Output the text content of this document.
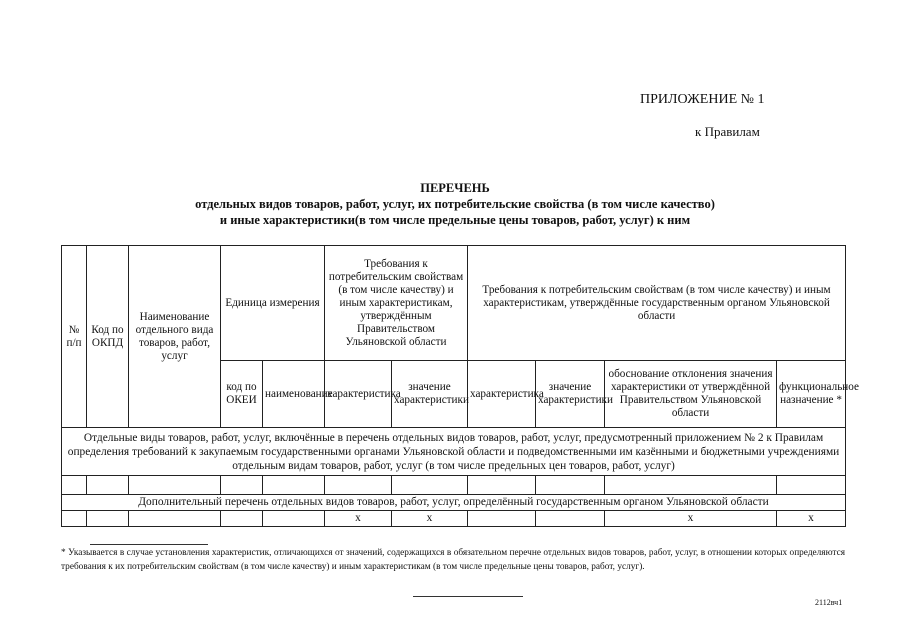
ПРИЛОЖЕНИЕ № 1
к Правилам
ПЕРЕЧЕНЬ
отдельных видов товаров, работ, услуг, их потребительские свойства (в том числе качество)
и иные характеристики(в том числе предельные цены товаров, работ, услуг) к ним
№ п/п	Код по ОКПД	Наименование отдельного вида товаров, работ, услуг	Единица измерения		Требования к потребительским свойствам (в том числе качеству) и иным характеристикам, утверждённым Правительством Ульяновской области		Требования к потребительским свойствам (в том числе качеству) и иным характеристикам, утверждённые государственным органом Ульяновской области			
			код по ОКЕИ	наименование	характеристика	значение характеристики	характеристика	значение характеристики	обоснование отклонения значения характеристики от утверждённой Правительством Ульяновской области	функциональное назначение *
Отдельные виды товаров, работ, услуг, включённые в перечень отдельных видов товаров, работ, услуг, предусмотренный приложением № 2 к Правилам определения требований к закупаемым государственными органами Ульяновской области и подведомственными им казёнными и бюджетными учреждениями отдельным видам товаров, работ, услуг (в том числе предельных цен товаров, работ, услуг)										

Дополнительный перечень отдельных видов товаров, работ, услуг, определённый государственным органом Ульяновской области										
					х	х			х	х
* Указывается в случае установления характеристик, отличающихся от значений, содержащихся в обязательном перечне отдельных видов товаров, работ, услуг, в отношении которых определяются требования к их потребительским свойствам (в том числе качеству) и иным характеристикам (в том числе предельные цены товаров, работ, услуг).
2112вч1
